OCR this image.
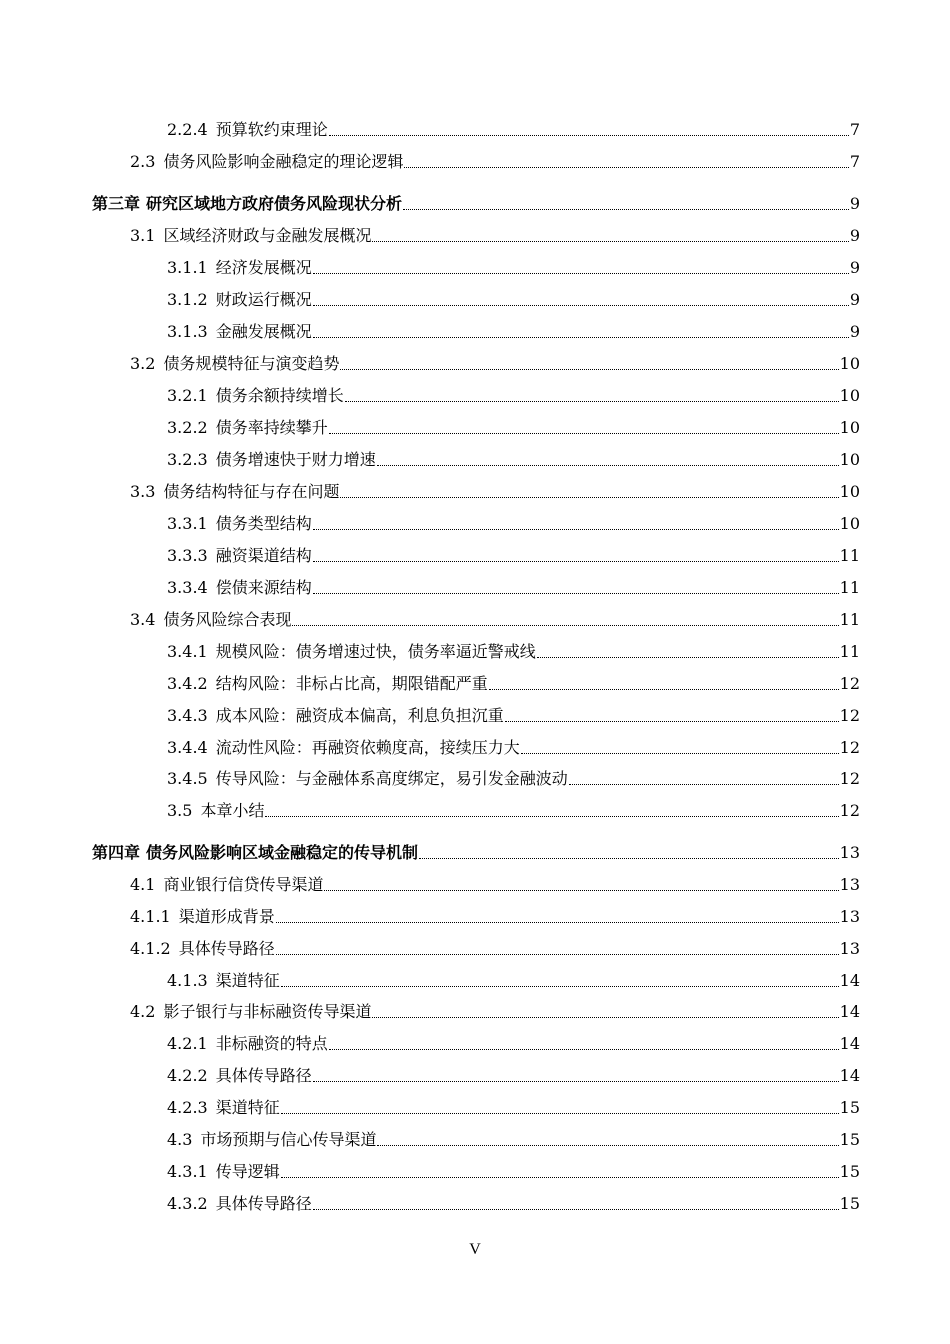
2.2.4 预算软约束理论	7
2.3 债务风险影响金融稳定的理论逻辑	7
第三章 研究区域地方政府债务风险现状分析	9
3.1 区域经济财政与金融发展概况	9
3.1.1 经济发展概况	9
3.1.2 财政运行概况	9
3.1.3 金融发展概况	9
3.2 债务规模特征与演变趋势	10
3.2.1 债务余额持续增长	10
3.2.2 债务率持续攀升	10
3.2.3 债务增速快于财力增速	10
3.3 债务结构特征与存在问题	10
3.3.1 债务类型结构	10
3.3.3 融资渠道结构	11
3.3.4 偿债来源结构	11
3.4 债务风险综合表现	11
3.4.1 规模风险：债务增速过快，债务率逼近警戒线	11
3.4.2 结构风险：非标占比高，期限错配严重	12
3.4.3 成本风险：融资成本偏高，利息负担沉重	12
3.4.4 流动性风险：再融资依赖度高，接续压力大	12
3.4.5 传导风险：与金融体系高度绑定，易引发金融波动	12
3.5 本章小结	12
第四章 债务风险影响区域金融稳定的传导机制	13
4.1 商业银行信贷传导渠道	13
4.1.1 渠道形成背景	13
4.1.2 具体传导路径	13
4.1.3 渠道特征	14
4.2 影子银行与非标融资传导渠道	14
4.2.1 非标融资的特点	14
4.2.2 具体传导路径	14
4.2.3 渠道特征	15
4.3 市场预期与信心传导渠道	15
4.3.1 传导逻辑	15
4.3.2 具体传导路径	15
V
